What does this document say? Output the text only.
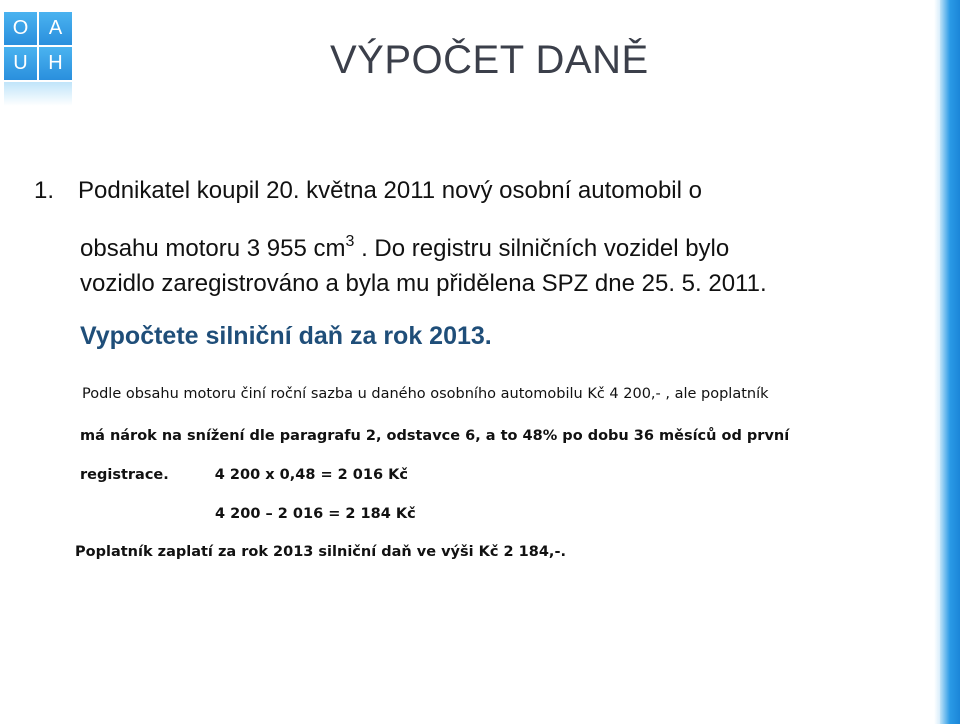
O	A
U	H	VÝPOČET DANĚ
1. Podnikatel koupil 20. května 2011 nový osobní automobil o
obsahu motoru 3 955 $cm^3$ . Do registru silničních vozidel bylo
vozidlo zaregistrováno a byla mu přidělena SPZ dne 25. 5. 2011.
Vypočtete silniční daň za rok 2013.
Podle obsahu motoru činí roční sazba u daného osobního automobilu Kč 4 200,- , ale poplatník
má nárok na snížení dle paragrafu 2, odstavce 6, a to 48% po dobu 36 měsíců od první
registrace.	4 200 x 0,48 = 2 016 Kč
4 200 – 2 016 = 2 184 Kč
Poplatník zaplatí za rok 2013 silniční daň ve výši Kč 2 184,-.
